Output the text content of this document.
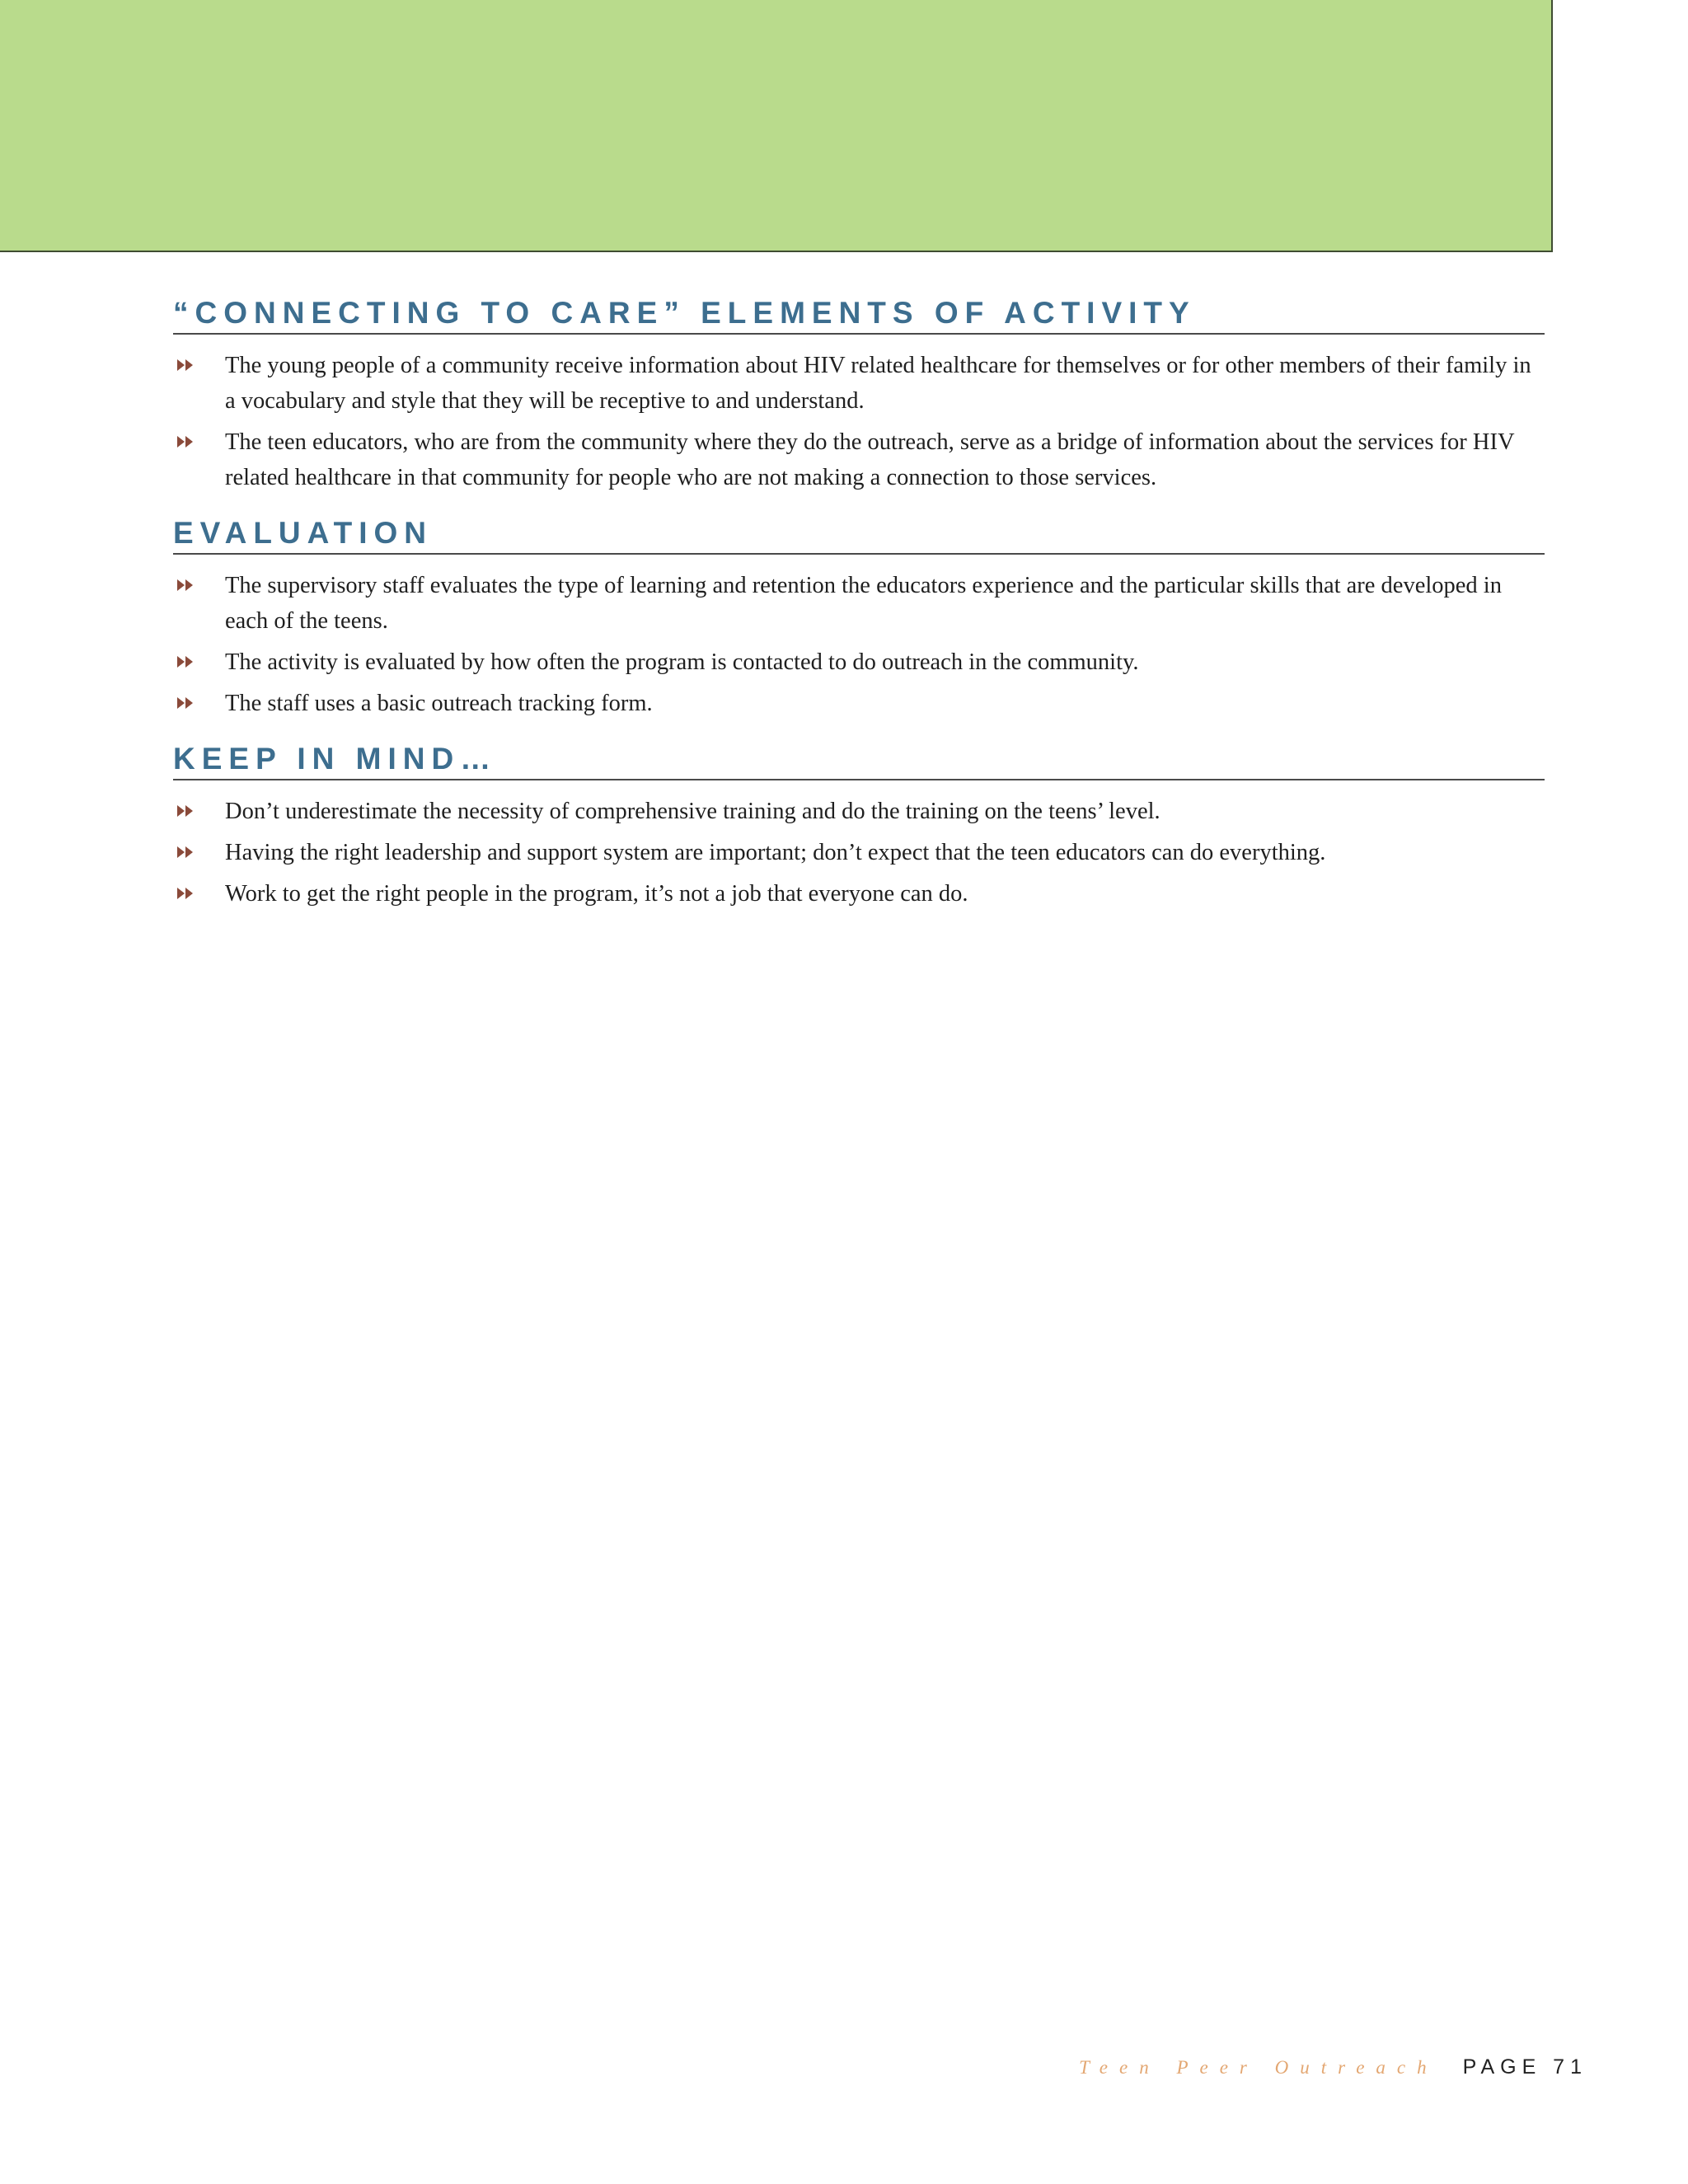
“CONNECTING TO CARE” ELEMENTS OF ACTIVITY
The young people of a community receive information about HIV related healthcare for themselves or for other members of their family in a vocabulary and style that they will be receptive to and understand.
The teen educators, who are from the community where they do the outreach, serve as a bridge of information about the services for HIV related healthcare in that community for people who are not making a connection to those services.
EVALUATION
The supervisory staff evaluates the type of learning and retention the educators experience and the particular skills that are developed in each of the teens.
The activity is evaluated by how often the program is contacted to do outreach in the community.
The staff uses a basic outreach tracking form.
KEEP IN MIND…
Don’t underestimate the necessity of comprehensive training and do the training on the teens’ level.
Having the right leadership and support system are important; don’t expect that the teen educators can do everything.
Work to get the right people in the program, it’s not a job that everyone can do.
Teen Peer Outreach PAGE 71
